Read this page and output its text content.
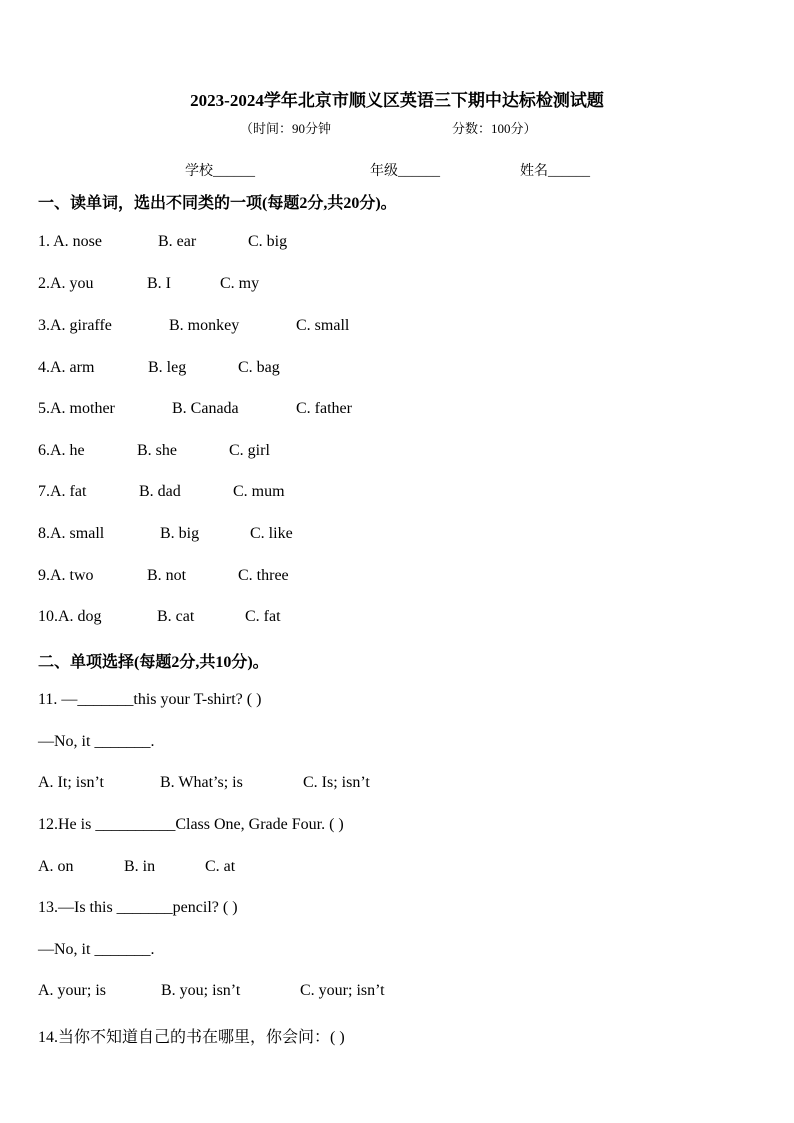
2023-2024学年北京市顺义区英语三下期中达标检测试题
（时间：90分钟	分数：100分）
学校______	年级______	姓名______
一、读单词，选出不同类的一项(每题2分,共20分)。
1. A. nose	B. ear	C. big
2.A. you	B. I	C. my
3.A. giraffe	B. monkey	C. small
4.A. arm	B. leg	C. bag
5.A. mother	B. Canada	C. father
6.A. he	B. she	C. girl
7.A. fat	B. dad	C. mum
8.A. small	B. big	C. like
9.A. two	B. not	C. three
10.A. dog	B. cat	C. fat
二、单项选择(每题2分,共10分)。
11. —_______this your T-shirt? ( )
—No, it _______.
A. It; isn’t	B. What’s; is	C. Is; isn’t
12.He is __________Class One, Grade Four. ( )
A. on	B. in	C. at
13.—Is this _______pencil? ( )
—No, it _______.
A. your; is	B. you; isn’t	C. your; isn’t
14.当你不知道自己的书在哪里，你会问：( )
